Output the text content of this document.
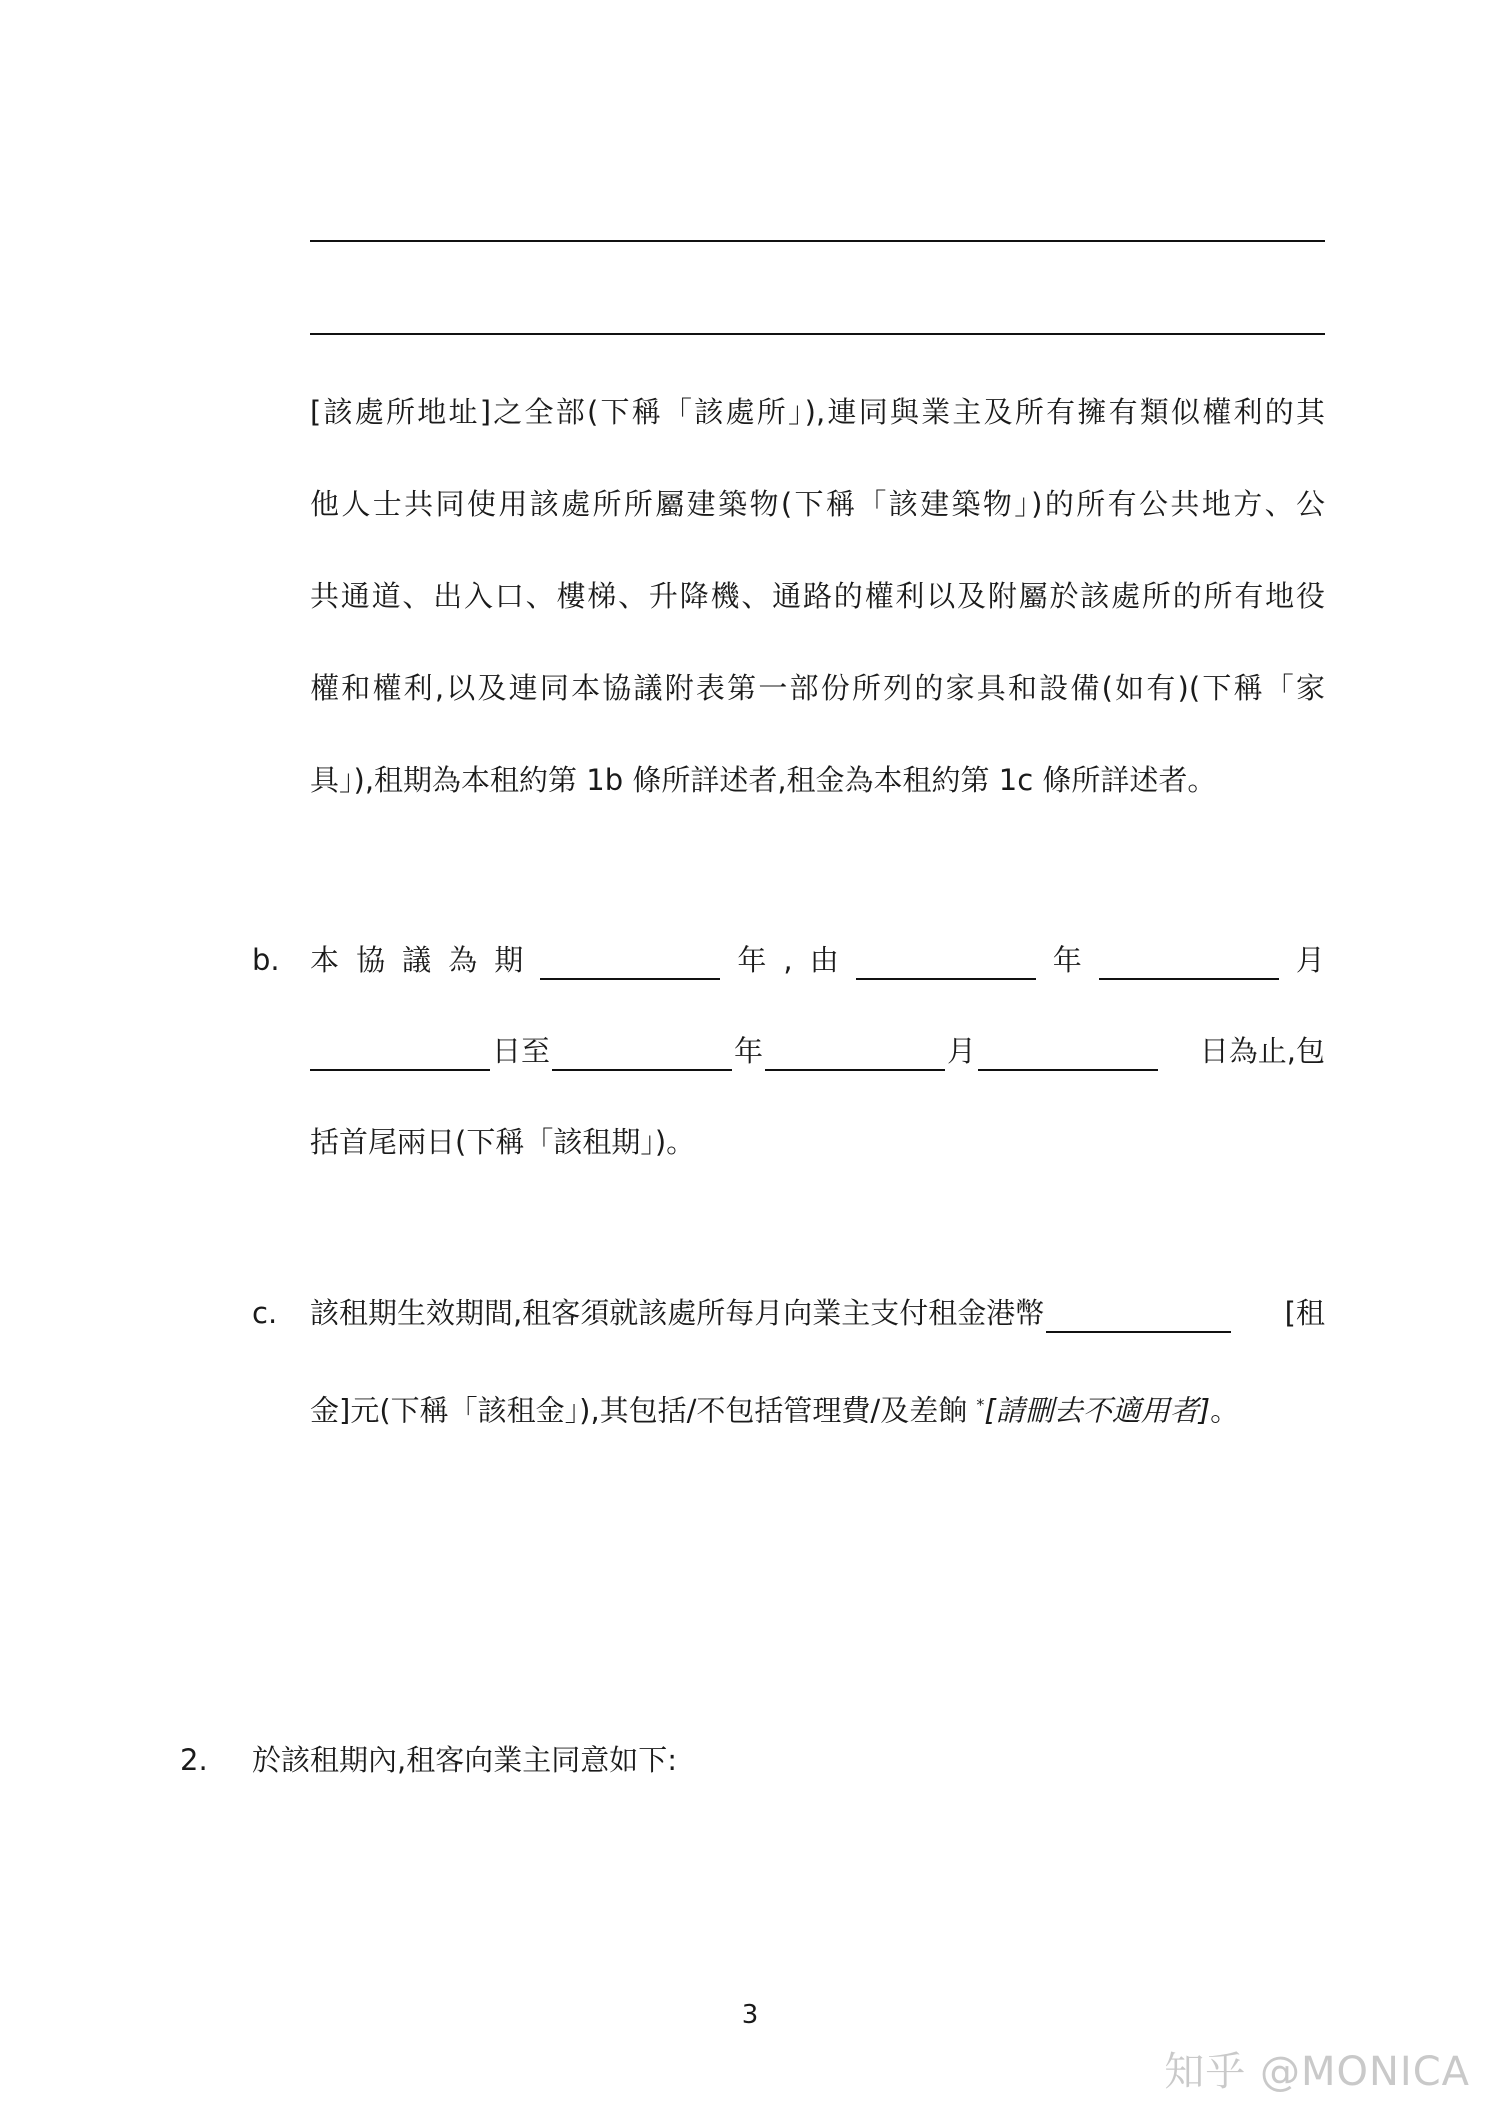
[該處所地址]之全部(下稱「該處所」),連同與業主及所有擁有類似權利的其
他人士共同使用該處所所屬建築物(下稱「該建築物」)的所有公共地方、公
共通道、出入口、樓梯、升降機、通路的權利以及附屬於該處所的所有地役
權和權利,以及連同本協議附表第一部份所列的家具和設備(如有)(下稱「家
具」),租期為本租約第 1b 條所詳述者,租金為本租約第 1c 條所詳述者。
b. 本 協 議 為 期	年 , 由	年	月
日至	年	月	日為止,包
括首尾兩日(下稱「該租期」)。
c. 該租期生效期間,租客須就該處所每月向業主支付租金港幣	[租
金]元(下稱「該租金」),其包括/不包括管理費/及差餉 *[請刪去不適用者]。
2. 於該租期內,租客向業主同意如下:
3
知乎 @MONICA
